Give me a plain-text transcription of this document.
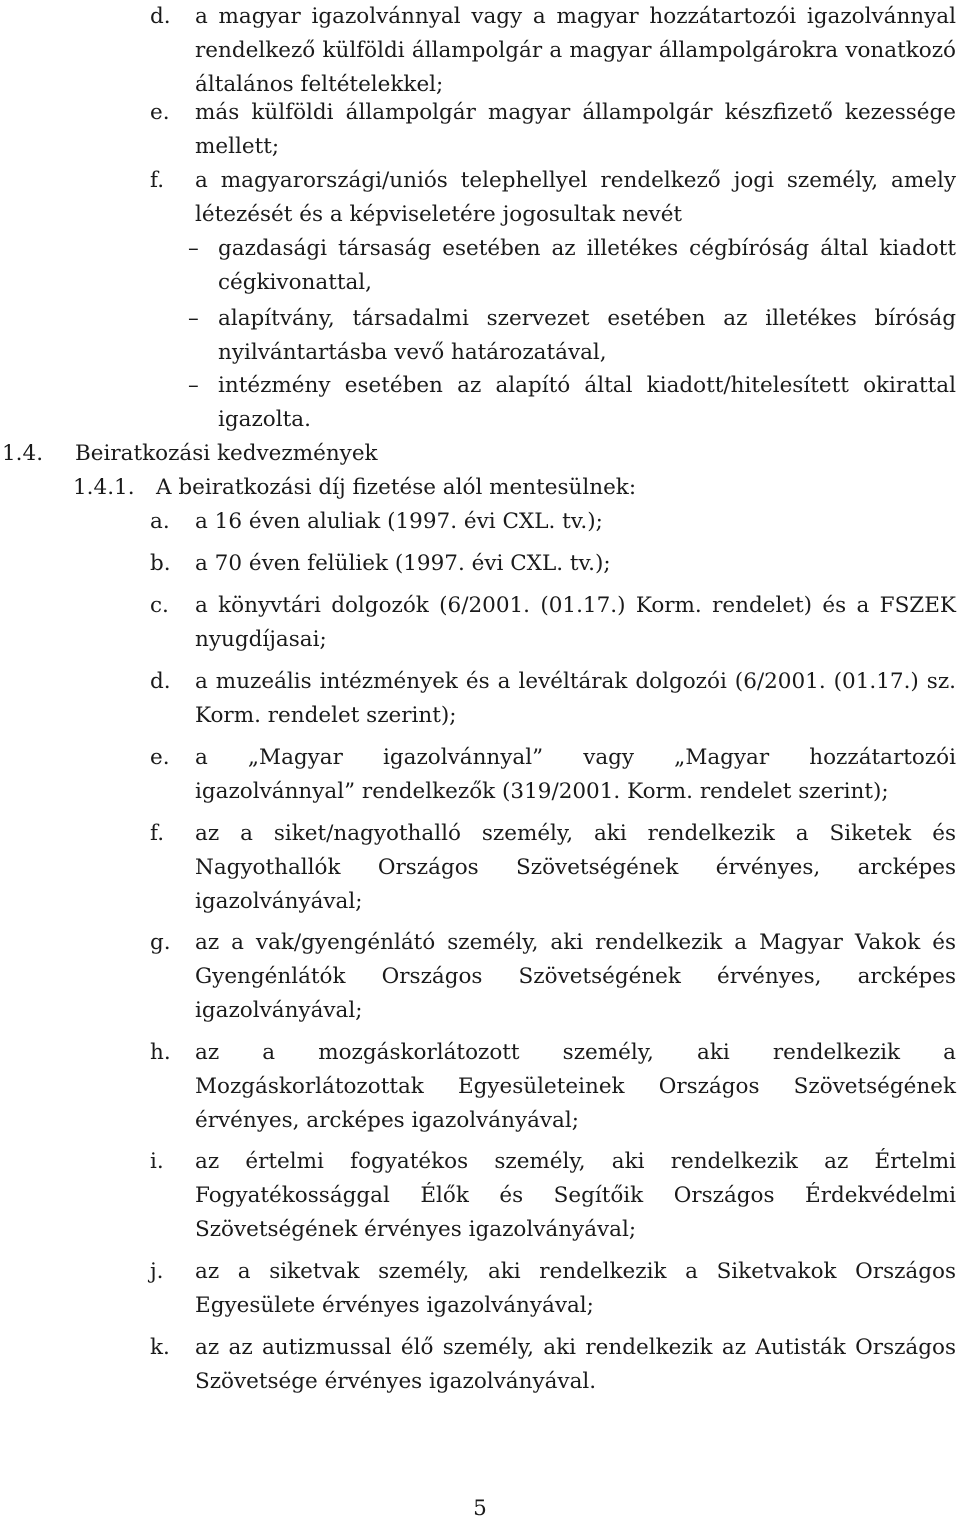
d.	a magyar igazolvánnyal vagy a magyar hozzátartozói igazolvánnyal rendelkező külföldi állampolgár a magyar állampolgárokra vonatkozó általános feltételekkel;
e.	más külföldi állampolgár magyar állampolgár készfizető kezessége mellett;
f.	a magyarországi/uniós telephellyel rendelkező jogi személy, amely létezését és a képviseletére jogosultak nevét
– gazdasági társaság esetében az illetékes cégbíróság által kiadott cégkivonattal,
– alapítvány, társadalmi szervezet esetében az illetékes bíróság nyilvántartásba vevő határozatával,
– intézmény esetében az alapító által kiadott/hitelesített okirattal igazolta.
1.4. Beiratkozási kedvezmények
1.4.1. A beiratkozási díj fizetése alól mentesülnek:
a.	a 16 éven aluliak (1997. évi CXL. tv.);
b.	a 70 éven felüliek (1997. évi CXL. tv.);
c.	a könyvtári dolgozók (6/2001. (01.17.) Korm. rendelet) és a FSZEK nyugdíjasai;
d.	a muzeális intézmények és a levéltárak dolgozói (6/2001. (01.17.) sz. Korm. rendelet szerint);
e.	a „Magyar igazolvánnyal” vagy „Magyar hozzátartozói igazolvánnyal” rendelkezők (319/2001. Korm. rendelet szerint);
f.	az a siket/nagyothalló személy, aki rendelkezik a Siketek és Nagyothallók Országos Szövetségének érvényes, arcképes igazolványával;
g.	az a vak/gyengénlátó személy, aki rendelkezik a Magyar Vakok és Gyengénlátók Országos Szövetségének érvényes, arcképes igazolványával;
h.	az a mozgáskorlátozott személy, aki rendelkezik a Mozgáskorlátozottak Egyesületeinek Országos Szövetségének érvényes, arcképes igazolványával;
i.	az értelmi fogyatékos személy, aki rendelkezik az Értelmi Fogyatékossággal Élők és Segítőik Országos Érdekvédelmi Szövetségének érvényes igazolványával;
j.	az a siketvak személy, aki rendelkezik a Siketvakok Országos Egyesülete érvényes igazolványával;
k.	az az autizmussal élő személy, aki rendelkezik az Autisták Országos Szövetsége érvényes igazolványával.
5
